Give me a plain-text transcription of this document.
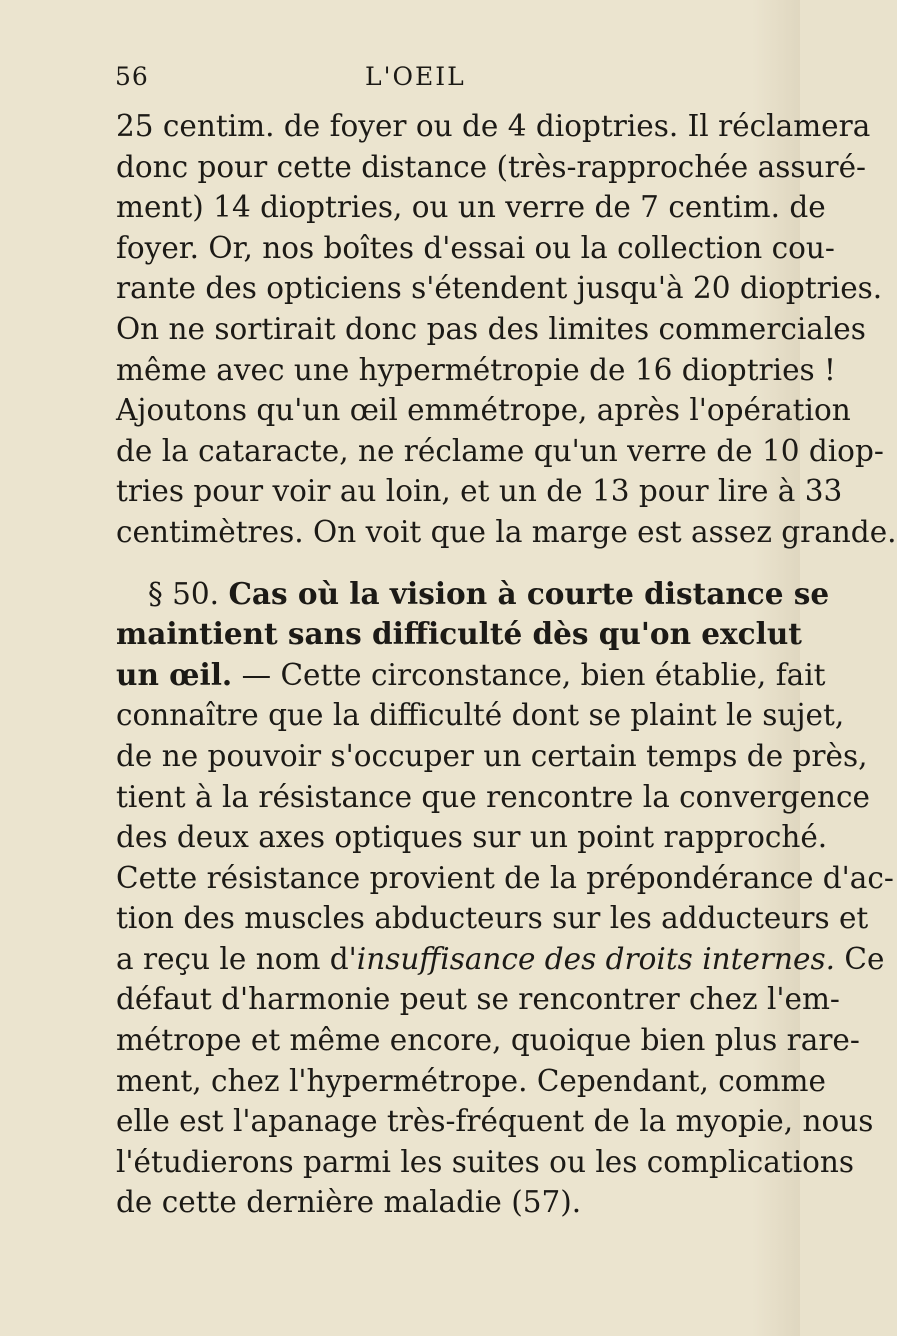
56	L'OEIL
25 centim. de foyer ou de 4 dioptries. Il réclamera
donc pour cette distance (très-rapprochée assuré-
ment) 14 dioptries, ou un verre de 7 centim. de
foyer. Or, nos boîtes d'essai ou la collection cou-
rante des opticiens s'étendent jusqu'à 20 dioptries.
On ne sortirait donc pas des limites commerciales
même avec une hypermétropie de 16 dioptries !
Ajoutons qu'un œil emmétrope, après l'opération
de la cataracte, ne réclame qu'un verre de 10 diop-
tries pour voir au loin, et un de 13 pour lire à 33
centimètres. On voit que la marge est assez grande.
§ 50. Cas où la vision à courte distance se
maintient sans difficulté dès qu'on exclut
un œil. — Cette circonstance, bien établie, fait
connaître que la difficulté dont se plaint le sujet,
de ne pouvoir s'occuper un certain temps de près,
tient à la résistance que rencontre la convergence
des deux axes optiques sur un point rapproché.
Cette résistance provient de la prépondérance d'ac-
tion des muscles abducteurs sur les adducteurs et
a reçu le nom d'insuffisance des droits internes. Ce
défaut d'harmonie peut se rencontrer chez l'em-
métrope et même encore, quoique bien plus rare-
ment, chez l'hypermétrope. Cependant, comme
elle est l'apanage très-fréquent de la myopie, nous
l'étudierons parmi les suites ou les complications
de cette dernière maladie (57).
